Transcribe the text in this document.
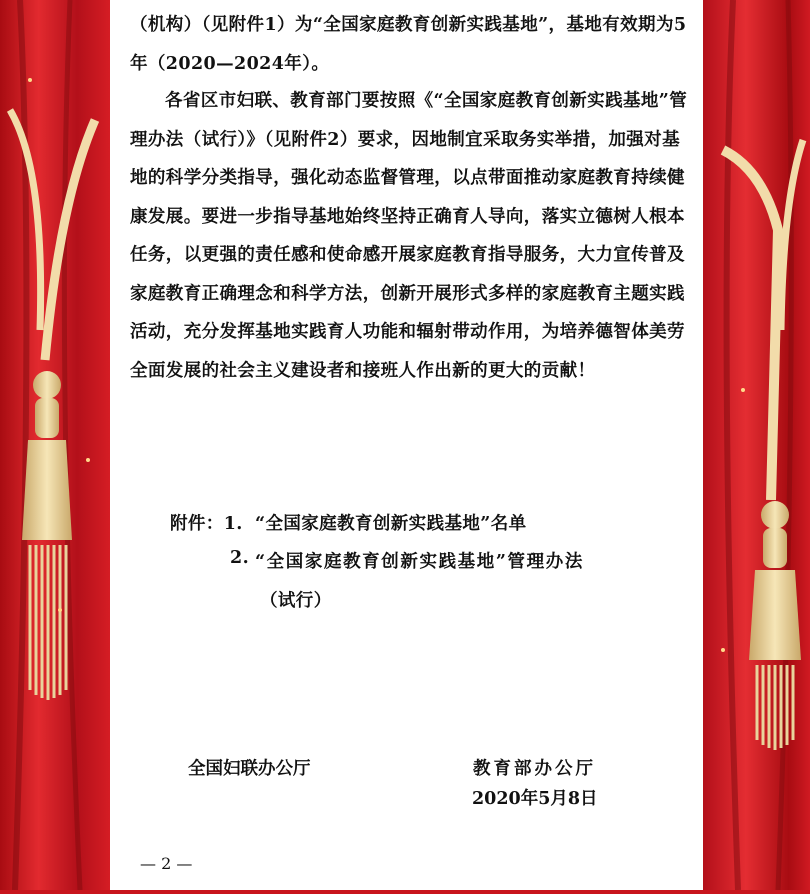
（机构）（见附件1）为“全国家庭教育创新实践基地”，基地有效期为5年（2020—2024年）。

各省区市妇联、教育部门要按照《“全国家庭教育创新实践基地”管理办法（试行）》（见附件2）要求，因地制宜采取务实举措，加强对基地的科学分类指导，强化动态监督管理，以点带面推动家庭教育持续健康发展。要进一步指导基地始终坚持正确育人导向，落实立德树人根本任务，以更强的责任感和使命感开展家庭教育指导服务，大力宣传普及家庭教育正确理念和科学方法，创新开展形式多样的家庭教育主题实践活动，充分发挥基地实践育人功能和辐射带动作用，为培养德智体美劳全面发展的社会主义建设者和接班人作出新的更大的贡献！

附件：1. “全国家庭教育创新实践基地”名单
2. “全国家庭教育创新实践基地”管理办法
（试行）
全国妇联办公厅	教育部办公厅
2020年5月8日
— 2 —
